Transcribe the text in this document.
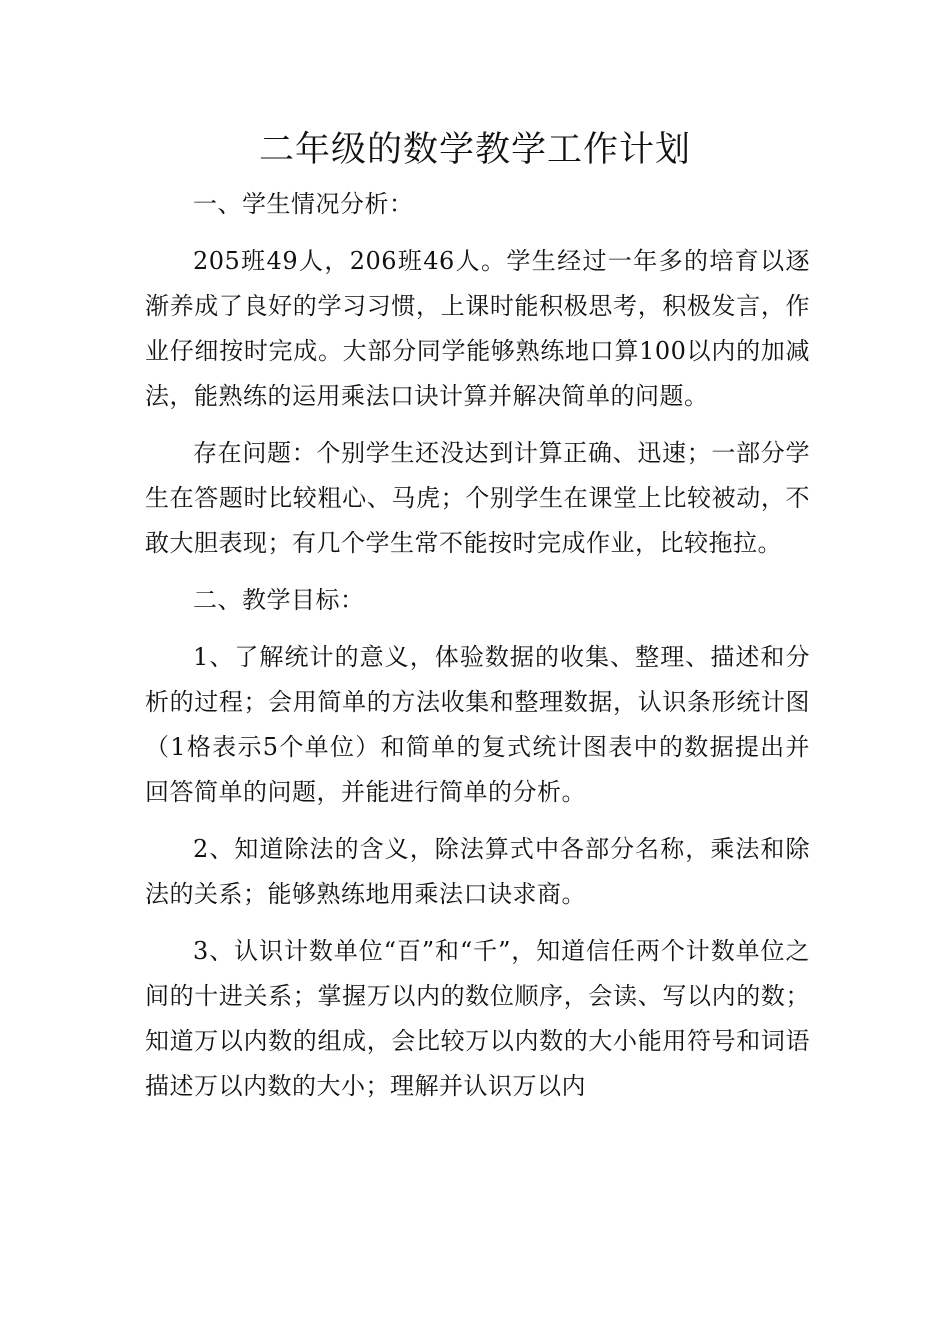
二年级的数学教学工作计划

一、学生情况分析：

205班49人，206班46人。学生经过一年多的培育以逐渐养成了良好的学习习惯，上课时能积极思考，积极发言，作业仔细按时完成。大部分同学能够熟练地口算100以内的加减法，能熟练的运用乘法口诀计算并解决简单的问题。

存在问题：个别学生还没达到计算正确、迅速；一部分学生在答题时比较粗心、马虎；个别学生在课堂上比较被动，不敢大胆表现；有几个学生常不能按时完成作业，比较拖拉。

二、教学目标：

1、了解统计的意义，体验数据的收集、整理、描述和分析的过程；会用简单的方法收集和整理数据，认识条形统计图（1格表示5个单位）和简单的复式统计图表中的数据提出并回答简单的问题，并能进行简单的分析。

2、知道除法的含义，除法算式中各部分名称，乘法和除法的关系；能够熟练地用乘法口诀求商。

3、认识计数单位“百”和“千”，知道信任两个计数单位之间的十进关系；掌握万以内的数位顺序，会读、写以内的数；知道万以内数的组成，会比较万以内数的大小能用符号和词语描述万以内数的大小；理解并认识万以内
